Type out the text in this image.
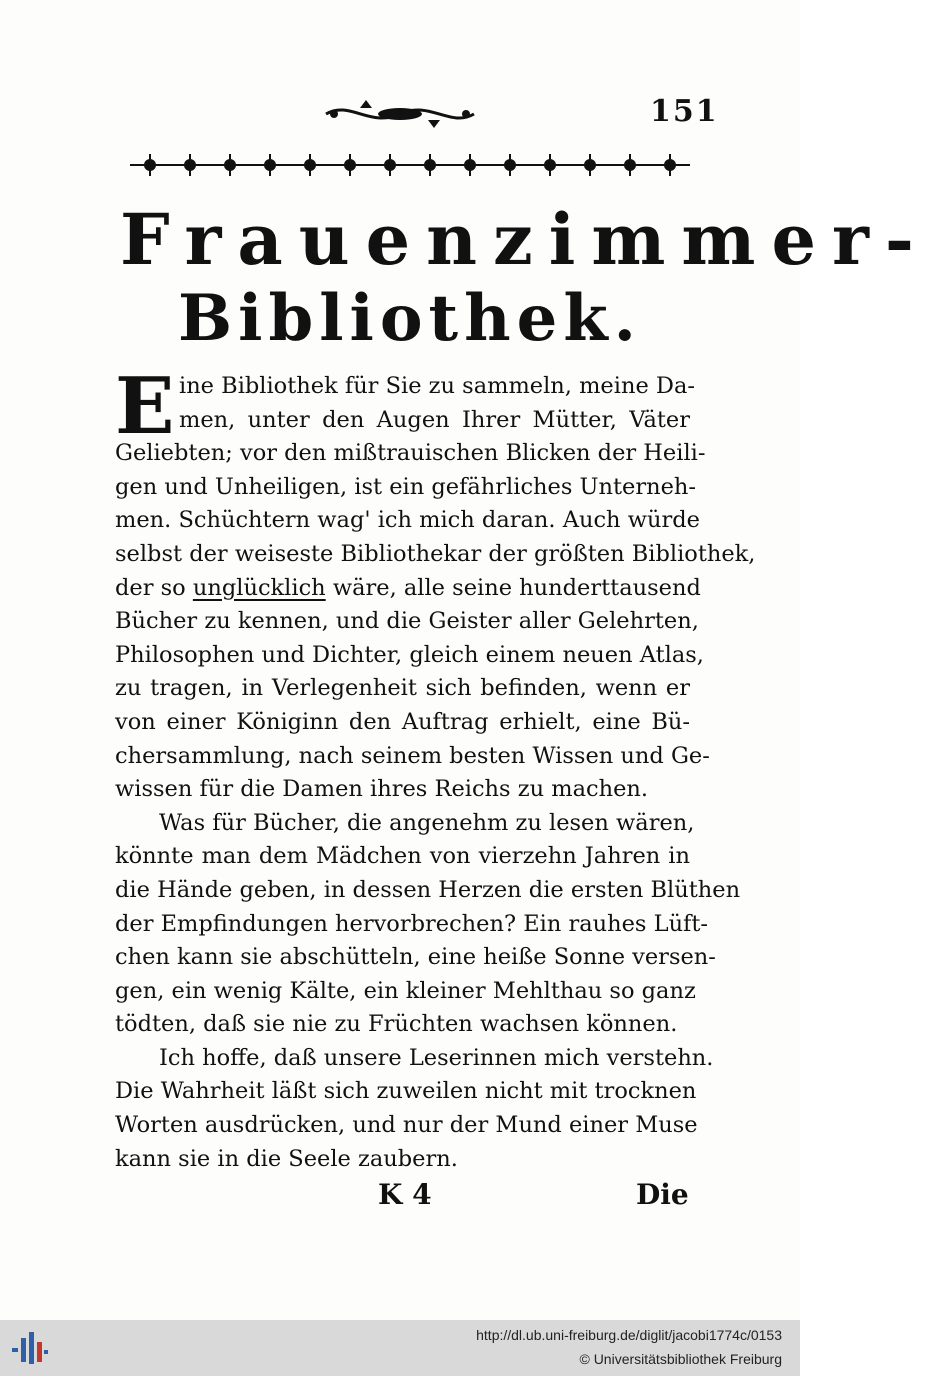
151
Frauenzimmer-
Bibliothek.
E ine Bibliothek für Sie zu sammeln, meine Da-
men, unter den Augen Ihrer Mütter, Väter
Geliebten; vor den mißtrauischen Blicken der Heili-
gen und Unheiligen, ist ein gefährliches Unterneh-
men. Schüchtern wag' ich mich daran. Auch würde
selbst der weiseste Bibliothekar der größten Bibliothek,
der so unglücklich wäre, alle seine hunderttausend
Bücher zu kennen, und die Geister aller Gelehrten,
Philosophen und Dichter, gleich einem neuen Atlas,
zu tragen, in Verlegenheit sich befinden, wenn er
von einer Königinn den Auftrag erhielt, eine Bü-
chersammlung, nach seinem besten Wissen und Ge-
wissen für die Damen ihres Reichs zu machen.
Was für Bücher, die angenehm zu lesen wären,
könnte man dem Mädchen von vierzehn Jahren in
die Hände geben, in dessen Herzen die ersten Blüthen
der Empfindungen hervorbrechen? Ein rauhes Lüft-
chen kann sie abschütteln, eine heiße Sonne versen-
gen, ein wenig Kälte, ein kleiner Mehlthau so ganz
tödten, daß sie nie zu Früchten wachsen können.
Ich hoffe, daß unsere Leserinnen mich verstehn.
Die Wahrheit läßt sich zuweilen nicht mit trocknen
Worten ausdrücken, und nur der Mund einer Muse
kann sie in die Seele zaubern.
K 4	Die
http://dl.ub.uni-freiburg.de/diglit/jacobi1774c/0153
© Universitätsbibliothek Freiburg
